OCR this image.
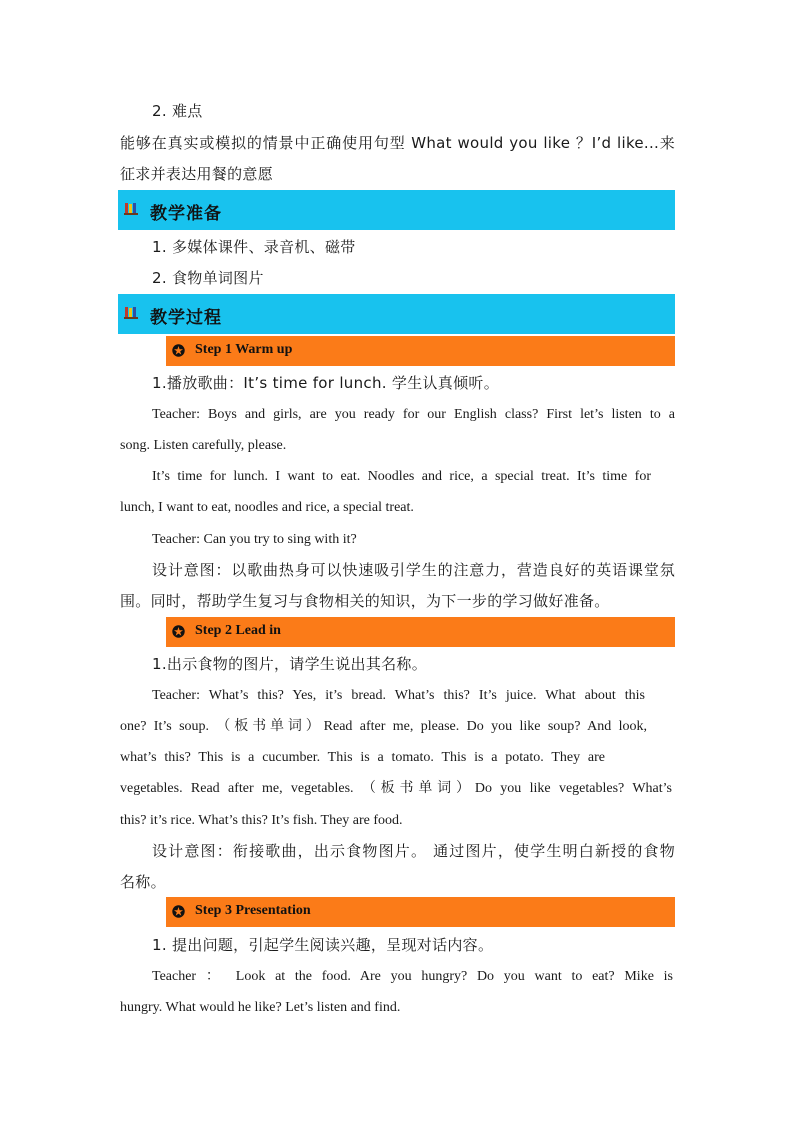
2. 难点
能够在真实或模拟的情景中正确使用句型 What would you like ？I’d like...来
征求并表达用餐的意愿
教学准备
1. 多媒体课件、录音机、磁带
2. 食物单词图片
教学过程
Step 1 Warm up
1.播放歌曲：It’s time for lunch. 学生认真倾听。
Teacher: Boys and girls, are you ready for our English class? First let’s listen to a
song. Listen carefully, please.
It’s time for lunch. I want to eat. Noodles and rice, a special treat. It’s time for
lunch, I want to eat, noodles and rice, a special treat.
Teacher: Can you try to sing with it?
设计意图：以歌曲热身可以快速吸引学生的注意力，营造良好的英语课堂氛
围。同时，帮助学生复习与食物相关的知识，为下一步的学习做好准备。
Step 2 Lead in
1.出示食物的图片，请学生说出其名称。
Teacher: What’s this? Yes, it’s bread. What’s this? It’s juice. What about this
one? It’s soup. （板书单词）Read after me, please. Do you like soup? And look,
what’s this? This is a cucumber. This is a tomato. This is a potato. They are
vegetables. Read after me, vegetables. （板书单词）Do you like vegetables? What’s
this? it’s rice. What’s this? It’s fish. They are food.
设计意图：衔接歌曲，出示食物图片。 通过图片，使学生明白新授的食物
名称。
Step 3 Presentation
1. 提出问题，引起学生阅读兴趣，呈现对话内容。
Teacher ： Look at the food. Are you hungry? Do you want to eat? Mike is
hungry. What would he like? Let’s listen and find.
